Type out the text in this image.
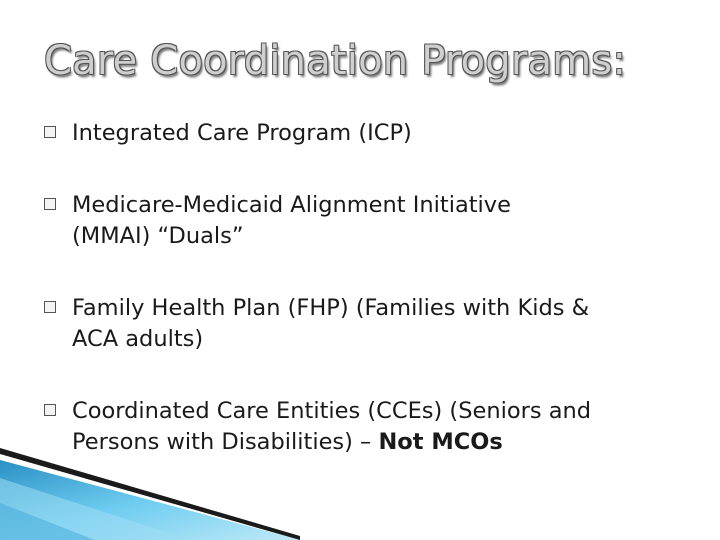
Care Coordination Programs:
Integrated Care Program (ICP)
Medicare-Medicaid Alignment Initiative
(MMAI) “Duals”
Family Health Plan (FHP) (Families with Kids &
ACA adults)
Coordinated Care Entities (CCEs) (Seniors and
Persons with Disabilities) – Not MCOs
